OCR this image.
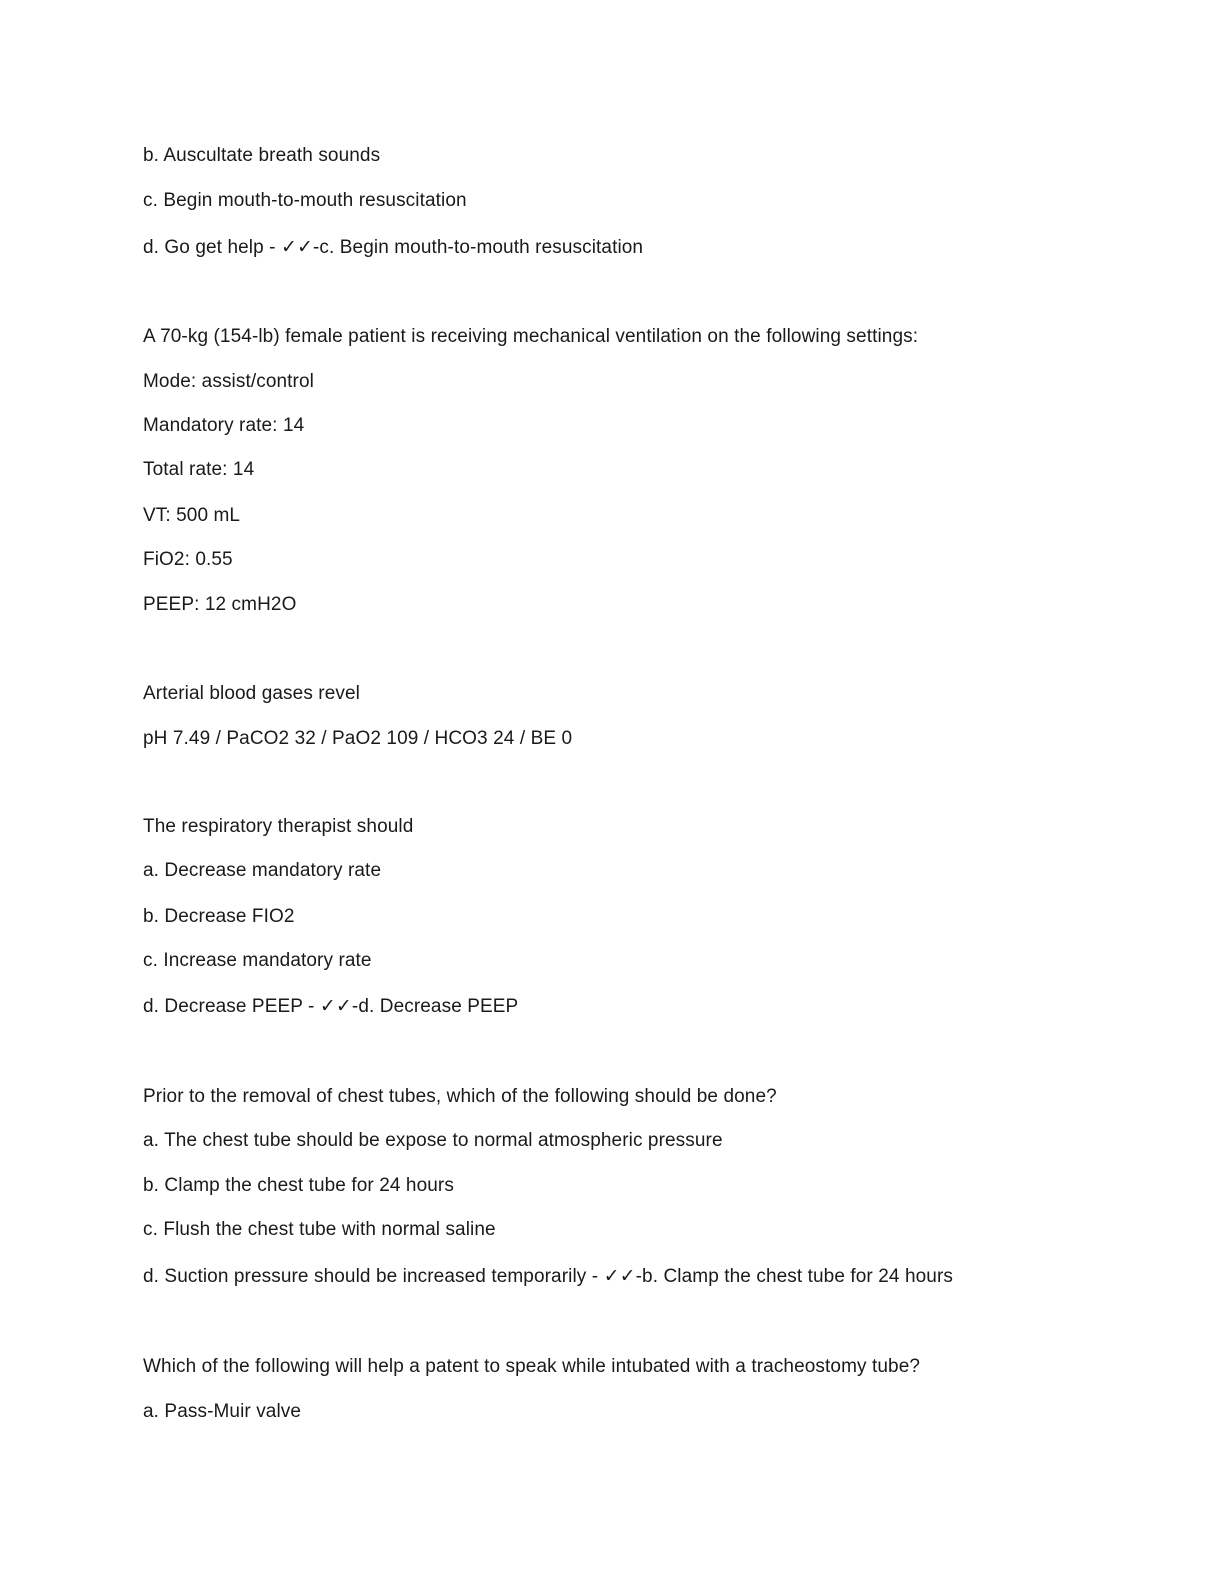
b. Auscultate breath sounds
c. Begin mouth-to-mouth resuscitation
d. Go get help - ✓✓-c. Begin mouth-to-mouth resuscitation
A 70-kg (154-lb) female patient is receiving mechanical ventilation on the following settings:
Mode: assist/control
Mandatory rate: 14
Total rate: 14
VT: 500 mL
FiO2: 0.55
PEEP: 12 cmH2O
Arterial blood gases revel
pH 7.49 / PaCO2 32 / PaO2 109 / HCO3 24 / BE 0
The respiratory therapist should
a. Decrease mandatory rate
b. Decrease FIO2
c. Increase mandatory rate
d. Decrease PEEP - ✓✓-d. Decrease PEEP
Prior to the removal of chest tubes, which of the following should be done?
a. The chest tube should be expose to normal atmospheric pressure
b. Clamp the chest tube for 24 hours
c. Flush the chest tube with normal saline
d. Suction pressure should be increased temporarily - ✓✓-b. Clamp the chest tube for 24 hours
Which of the following will help a patent to speak while intubated with a tracheostomy tube?
a. Pass-Muir valve
